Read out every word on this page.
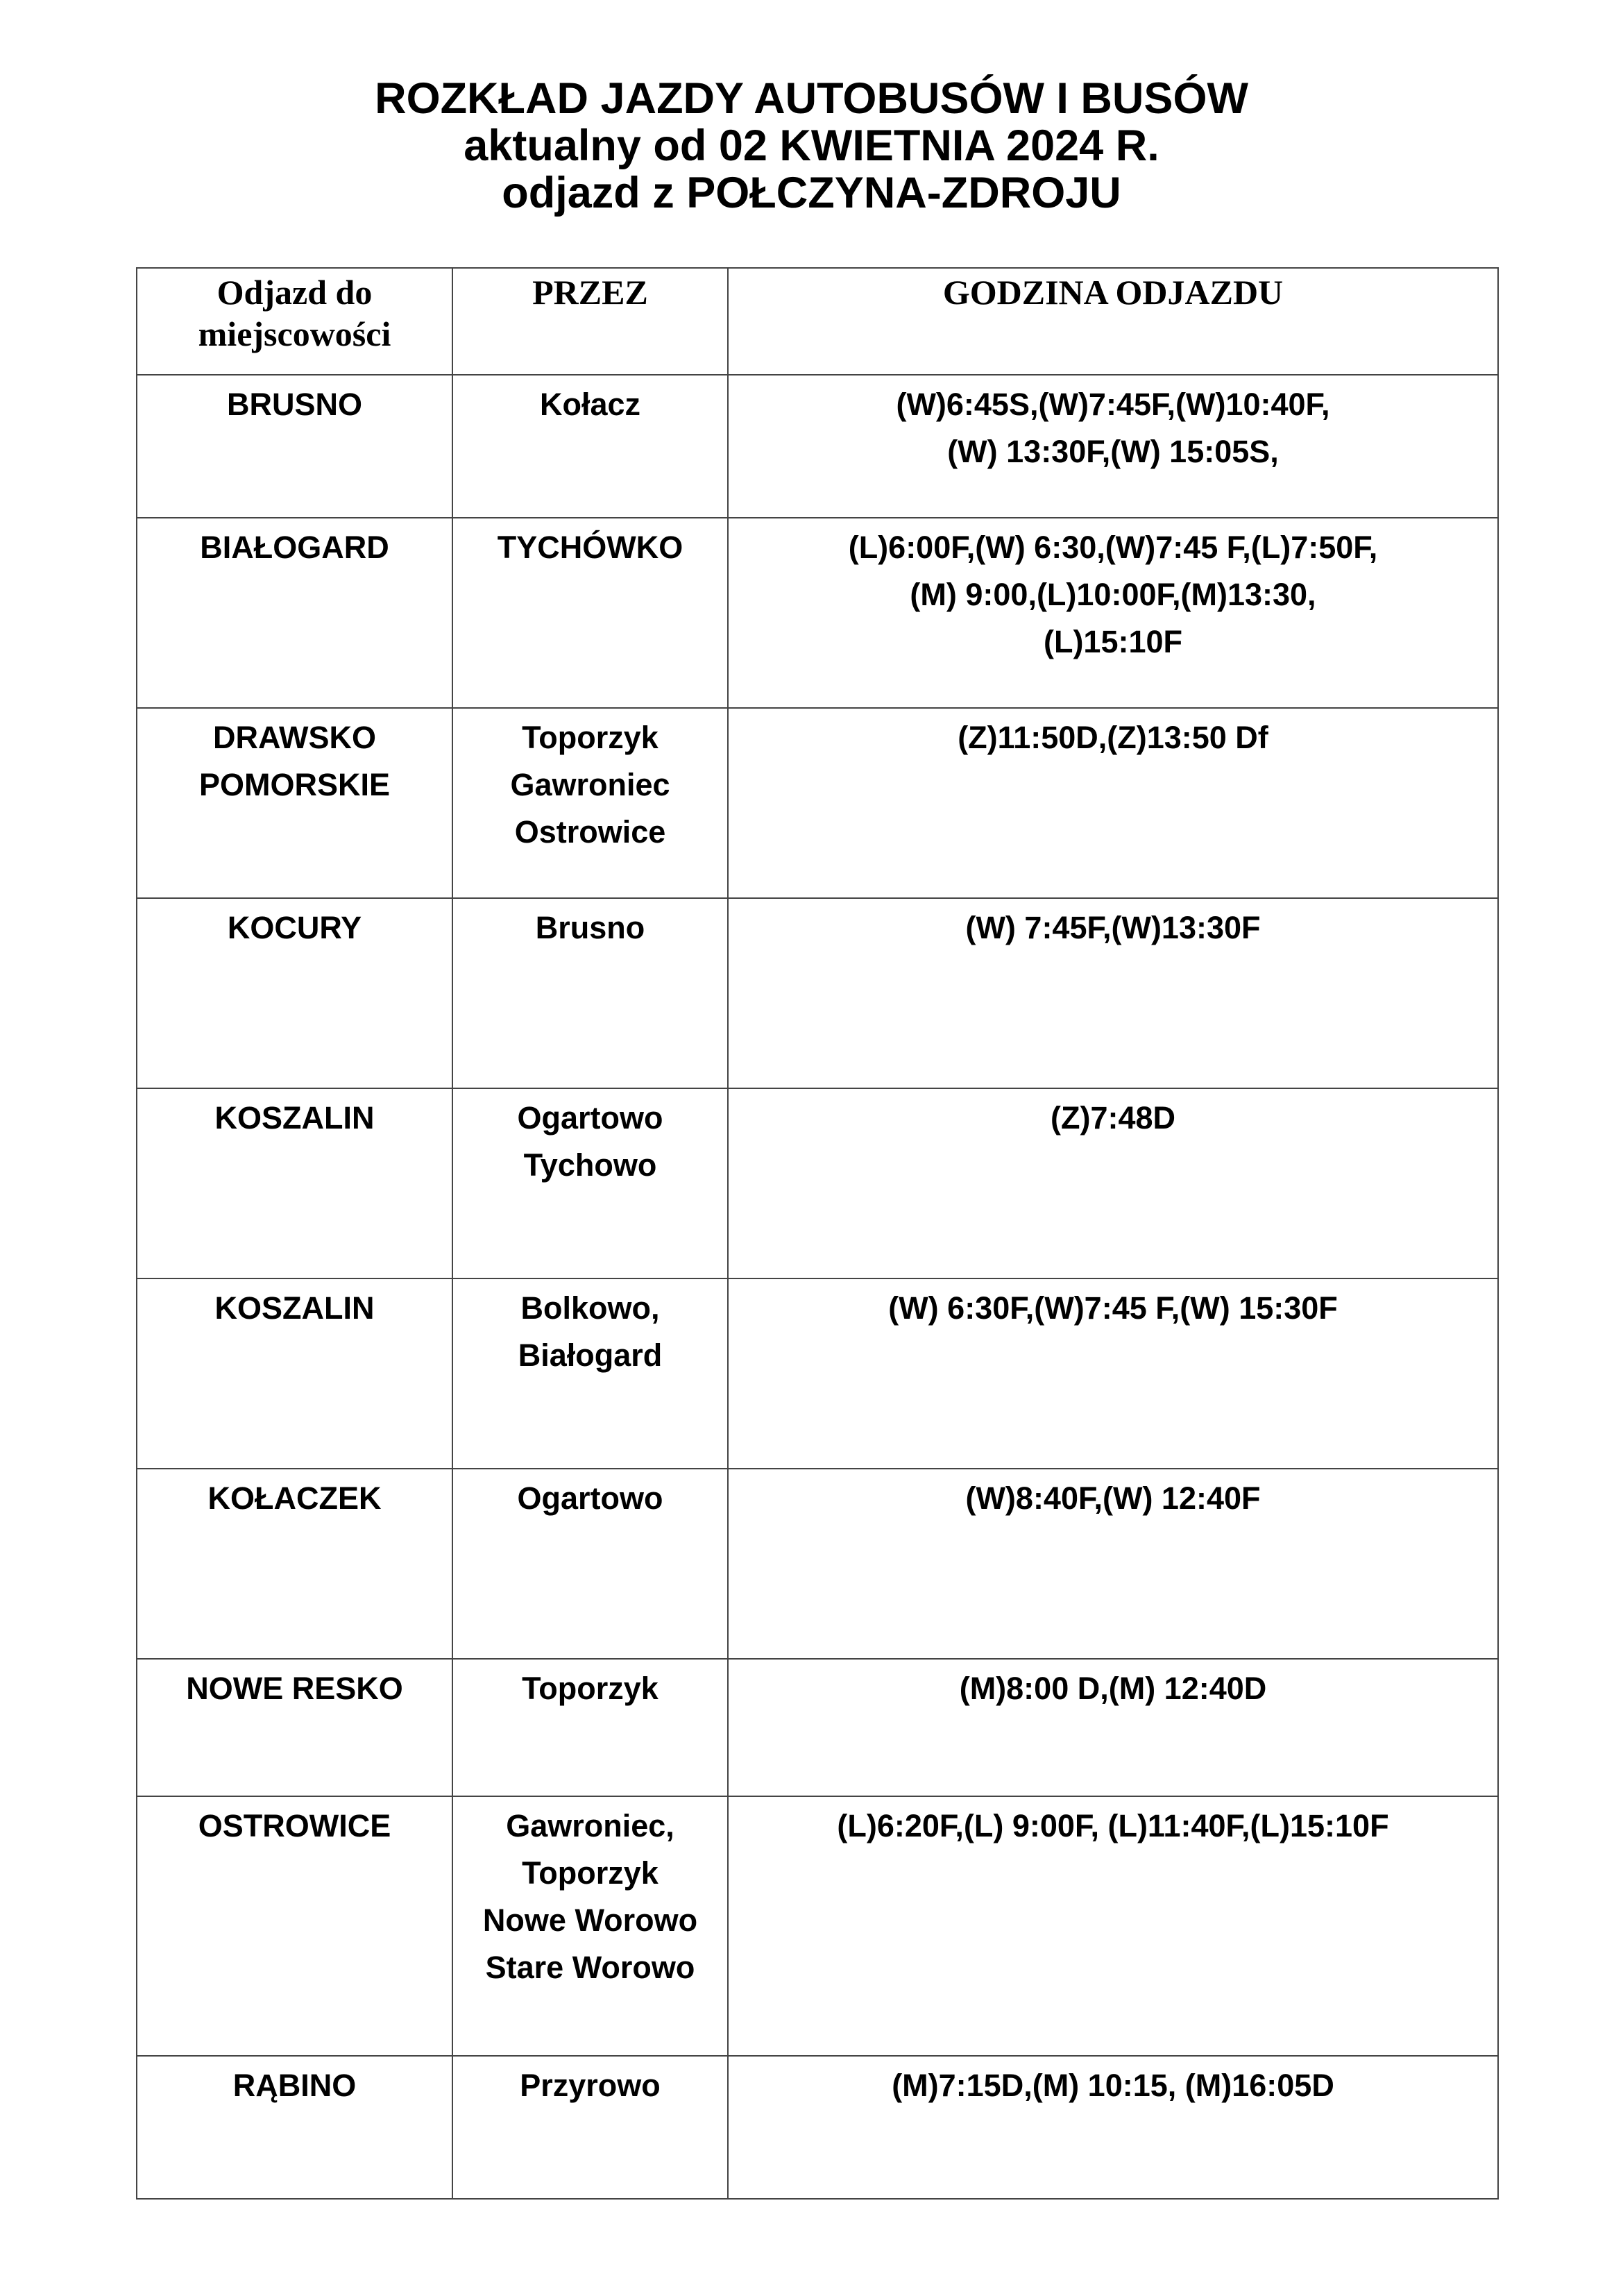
ROZKŁAD JAZDY AUTOBUSÓW I BUSÓW
aktualny od 02 KWIETNIA 2024 R.
odjazd z POŁCZYNA-ZDROJU
Odjazd do
miejscowości	PRZEZ	GODZINA ODJAZDU

BRUSNO	Kołacz	(W)6:45S,(W)7:45F,(W)10:40F,
(W) 13:30F,(W) 15:05S,

BIAŁOGARD	TYCHÓWKO	(L)6:00F,(W) 6:30,(W)7:45 F,(L)7:50F,
(M) 9:00,(L)10:00F,(M)13:30,
(L)15:10F

DRAWSKO
POMORSKIE	Toporzyk
Gawroniec
Ostrowice	(Z)11:50D,(Z)13:50 Df

KOCURY	Brusno	(W) 7:45F,(W)13:30F

KOSZALIN	Ogartowo
Tychowo	(Z)7:48D

KOSZALIN	Bolkowo,
Białogard	(W) 6:30F,(W)7:45 F,(W) 15:30F

KOŁACZEK	Ogartowo	(W)8:40F,(W) 12:40F

NOWE RESKO	Toporzyk	(M)8:00 D,(M) 12:40D

OSTROWICE	Gawroniec,
Toporzyk
Nowe Worowo
Stare Worowo	(L)6:20F,(L) 9:00F, (L)11:40F,(L)15:10F

RĄBINO	Przyrowo	(M)7:15D,(M) 10:15, (M)16:05D
